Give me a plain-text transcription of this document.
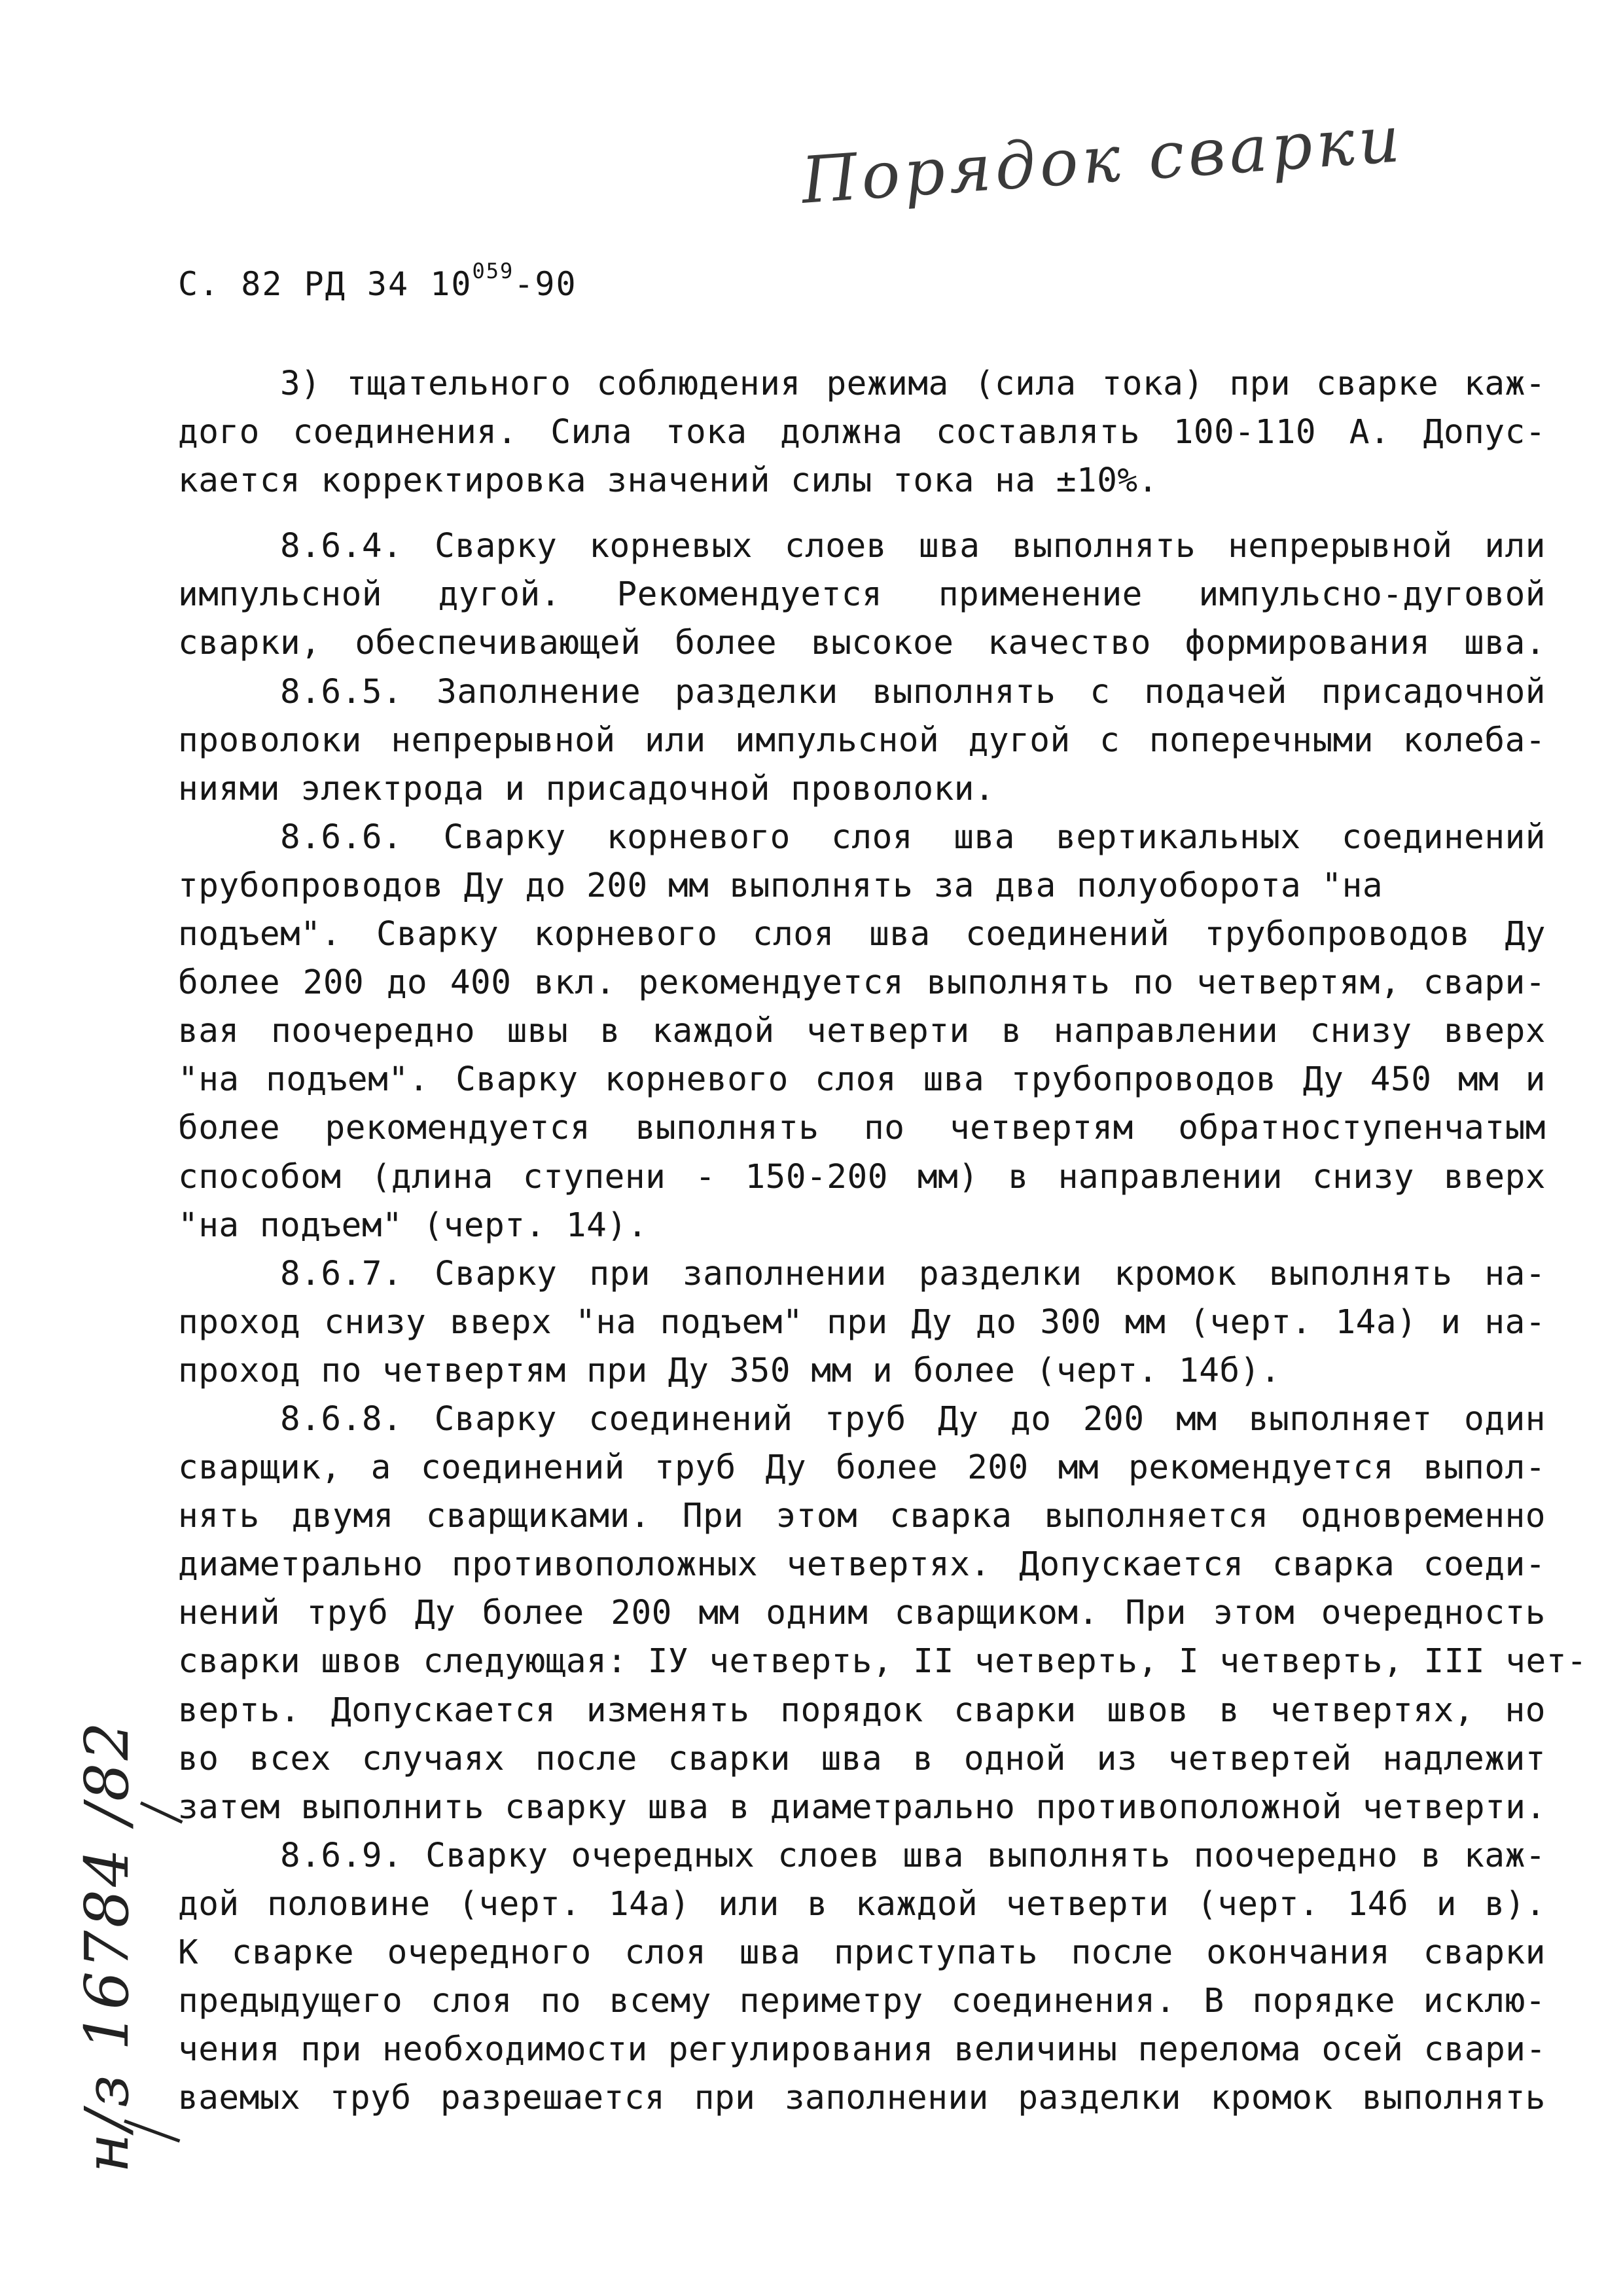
Порядок сварки
С. 82 РД 34 $10^{059}-90$
3) тщательного соблюдения режима (сила тока) при сварке каж-
дого соединения. Сила тока должна составлять 100-110 А. Допус-
кается корректировка значений силы тока на ±10%.
8.6.4. Сварку корневых слоев шва выполнять непрерывной или
импульсной дугой. Рекомендуется применение импульсно-дуговой
сварки, обеспечивающей более высокое качество формирования шва.
8.6.5. Заполнение разделки выполнять с подачей присадочной
проволоки непрерывной или импульсной дугой с поперечными колеба-
ниями электрода и присадочной проволоки.
8.6.6. Сварку корневого слоя шва вертикальных соединений
трубопроводов Ду до 200 мм выполнять за два полуоборота "на
подъем". Сварку корневого слоя шва соединений трубопроводов Ду
более 200 до 400 вкл. рекомендуется выполнять по четвертям, свари-
вая поочередно швы в каждой четверти в направлении снизу вверх
"на подъем". Сварку корневого слоя шва трубопроводов Ду 450 мм и
более рекомендуется выполнять по четвертям обратноступенчатым
способом (длина ступени - 150-200 мм) в направлении снизу вверх
"на подъем" (черт. 14).
8.6.7. Сварку при заполнении разделки кромок выполнять на-
проход снизу вверх "на подъем" при Ду до 300 мм (черт. 14а) и на-
проход по четвертям при Ду 350 мм и более (черт. 14б).
8.6.8. Сварку соединений труб Ду до 200 мм выполняет один
сварщик, а соединений труб Ду более 200 мм рекомендуется выпол-
нять двумя сварщиками. При этом сварка выполняется одновременно
диаметрально противоположных четвертях. Допускается сварка соеди-
нений труб Ду более 200 мм одним сварщиком. При этом очередность
сварки швов следующая: IУ четверть, II четверть, I четверть, III чет-
верть. Допускается изменять порядок сварки швов в четвертях, но
во всех случаях после сварки шва в одной из четвертей надлежит
затем выполнить сварку шва в диаметрально противоположной четверти.
8.6.9. Сварку очередных слоев шва выполнять поочередно в каж-
дой половине (черт. 14а) или в каждой четверти (черт. 14б и в).
К сварке очередного слоя шва приступать после окончания сварки
предыдущего слоя по всему периметру соединения. В порядке исклю-
чения при необходимости регулирования величины перелома осей свари-
ваемых труб разрешается при заполнении разделки кромок выполнять
н/з 16784 /82
